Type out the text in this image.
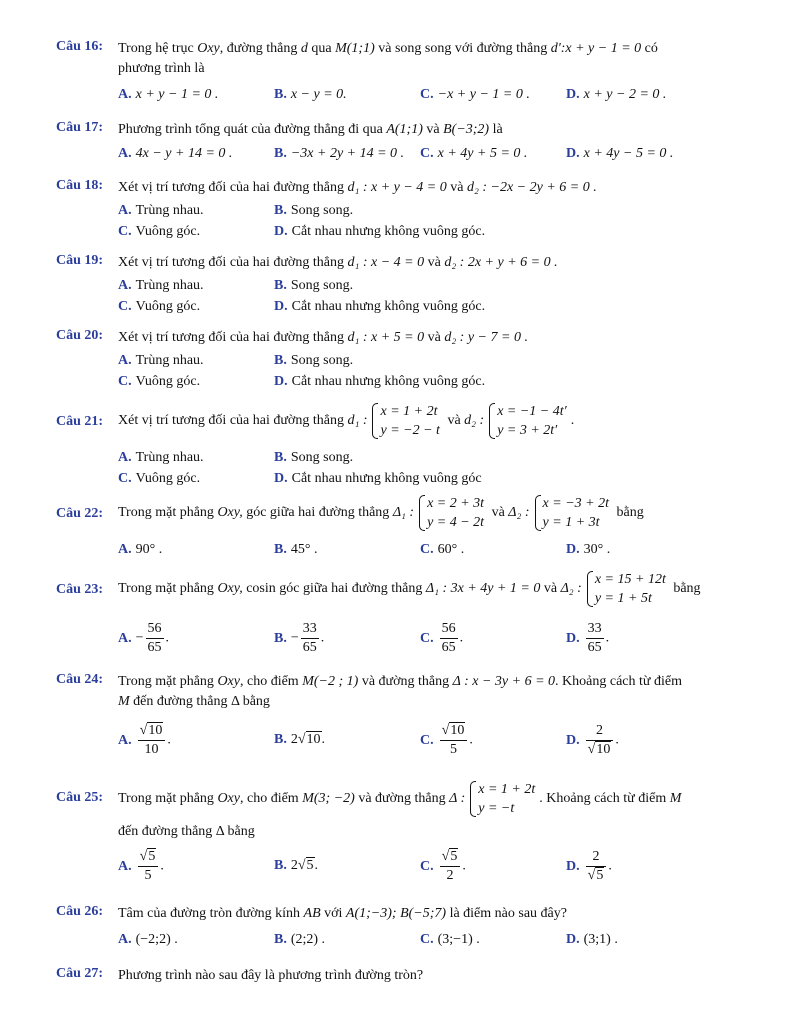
Câu 16:	Trong hệ trục Oxy, đường thẳng d qua M(1;1) và song song với đường thẳng d':x + y − 1 = 0 có
phương trình là
A. x + y − 1 = 0 .	B. x − y = 0.	C. −x + y − 1 = 0 .	D. x + y − 2 = 0 .
Câu 17:	Phương trình tổng quát của đường thẳng đi qua A(1;1) và B(−3;2) là
A. 4x − y + 14 = 0 .	B. −3x + 2y + 14 = 0 . C. x + 4y + 5 = 0 .	D. x + 4y − 5 = 0 .
Câu 18:	Xét vị trí tương đối của hai đường thẳng d₁ : x + y − 4 = 0 và d₂ : −2x − 2y + 6 = 0 .
A. Trùng nhau.	B. Song song.
C. Vuông góc.	D. Cắt nhau nhưng không vuông góc.
Câu 19:	Xét vị trí tương đối của hai đường thẳng d₁ : x − 4 = 0 và d₂ : 2x + y + 6 = 0 .
A. Trùng nhau.	B. Song song.
C. Vuông góc.	D. Cắt nhau nhưng không vuông góc.
Câu 20:	Xét vị trí tương đối của hai đường thẳng d₁ : x + 5 = 0 và d₂ : y − 7 = 0 .
A. Trùng nhau.	B. Song song.
C. Vuông góc.	D. Cắt nhau nhưng không vuông góc.
Câu 21:	Xét vị trí tương đối của hai đường thẳng d₁ :
x = 1 + 2t
y = −2 − t
và d₂ :
x = −1 − 4t′
y = 3 + 2t′
.
A. Trùng nhau.	B. Song song.
C. Vuông góc.	D. Cắt nhau nhưng không vuông góc
Câu 22:	Trong mặt phẳng Oxy, góc giữa hai đường thẳng Δ₁ :
x = 2 + 3t
y = 4 − 2t
và Δ₂ :
x = −3 + 2t
y = 1 + 3t
bằng
A. 90° .	B. 45° .	C. 60° .	D. 30° .
Câu 23:	Trong mặt phẳng Oxy, cosin góc giữa hai đường thẳng Δ₁ : 3x + 4y + 1 = 0 và Δ₂ :
x = 15 + 12t
y = 1 + 5t
bằng
A. − $\frac{56}{65}$ .	B. − $\frac{33}{65}$ .	C. $\frac{56}{65}$ .	D. $\frac{33}{65}$ .
Câu 24:	Trong mặt phẳng Oxy, cho điểm M(−2 ; 1) và đường thẳng Δ : x − 3y + 6 = 0. Khoảng cách từ điểm
M đến đường thẳng Δ bằng
A. $\frac{√10}{10}$ .	B. 2√10.	C. $\frac{√10}{5}$ .	D. $\frac{2}{√10}$ .
Câu 25:	Trong mặt phẳng Oxy, cho điểm M(3; −2) và đường thẳng Δ :
x = 1 + 2t
y = −t
. Khoảng cách từ điểm M
đến đường thẳng Δ bằng
A. $\frac{√5}{5}$ .	B. 2√5.	C. $\frac{√5}{2}$ .	D. $\frac{2}{√5}$ .
Câu 26:	Tâm của đường tròn đường kính AB với A(1;−3); B(−5;7) là điểm nào sau đây?
A. (−2;2) .	B. (2;2) .	C. (3;−1) .	D. (3;1) .
Câu 27:	Phương trình nào sau đây là phương trình đường tròn?
